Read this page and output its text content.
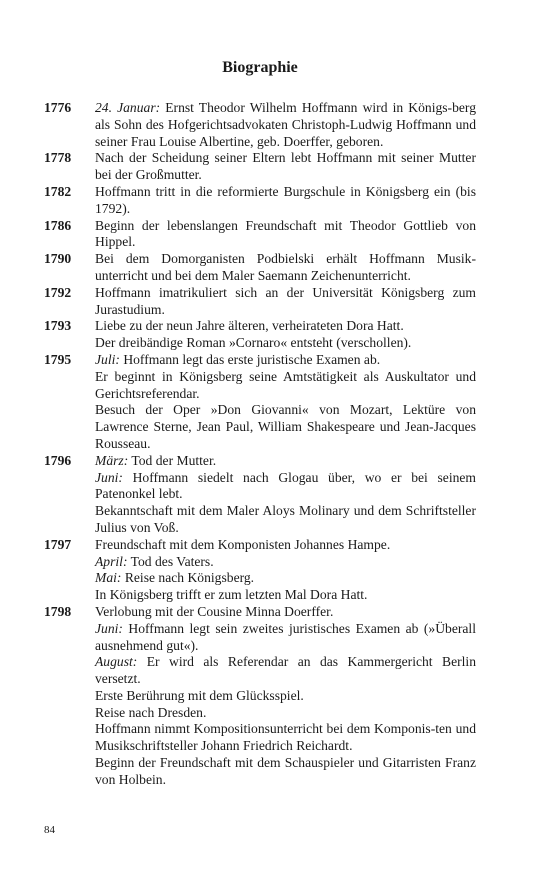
Biographie
1776	24. Januar: Ernst Theodor Wilhelm Hoffmann wird in Königs-berg als Sohn des Hofgerichtsadvokaten Christoph-Ludwig Hoffmann und seiner Frau Louise Albertine, geb. Doerffer, geboren.
1778	Nach der Scheidung seiner Eltern lebt Hoffmann mit seiner Mutter bei der Großmutter.
1782	Hoffmann tritt in die reformierte Burgschule in Königsberg ein (bis 1792).
1786	Beginn der lebenslangen Freundschaft mit Theodor Gottlieb von Hippel.
1790	Bei dem Domorganisten Podbielski erhält Hoffmann Musik-unterricht und bei dem Maler Saemann Zeichenunterricht.
1792	Hoffmann imatrikuliert sich an der Universität Königsberg zum Jurastudium.
1793	Liebe zu der neun Jahre älteren, verheirateten Dora Hatt.
Der dreibändige Roman »Cornaro« entsteht (verschollen).
1795	Juli: Hoffmann legt das erste juristische Examen ab.
Er beginnt in Königsberg seine Amtstätigkeit als Auskultator und Gerichtsreferendar.
Besuch der Oper »Don Giovanni« von Mozart, Lektüre von Lawrence Sterne, Jean Paul, William Shakespeare und Jean-Jacques Rousseau.
1796	März: Tod der Mutter.
Juni: Hoffmann siedelt nach Glogau über, wo er bei seinem Patenonkel lebt.
Bekanntschaft mit dem Maler Aloys Molinary und dem Schriftsteller Julius von Voß.
1797	Freundschaft mit dem Komponisten Johannes Hampe.
April: Tod des Vaters.
Mai: Reise nach Königsberg.
In Königsberg trifft er zum letzten Mal Dora Hatt.
1798	Verlobung mit der Cousine Minna Doerffer.
Juni: Hoffmann legt sein zweites juristisches Examen ab (»Überall ausnehmend gut«).
August: Er wird als Referendar an das Kammergericht Berlin versetzt.
Erste Berührung mit dem Glücksspiel.
Reise nach Dresden.
Hoffmann nimmt Kompositionsunterricht bei dem Komponis-ten und Musikschriftsteller Johann Friedrich Reichardt.
Beginn der Freundschaft mit dem Schauspieler und Gitarristen Franz von Holbein.
84
